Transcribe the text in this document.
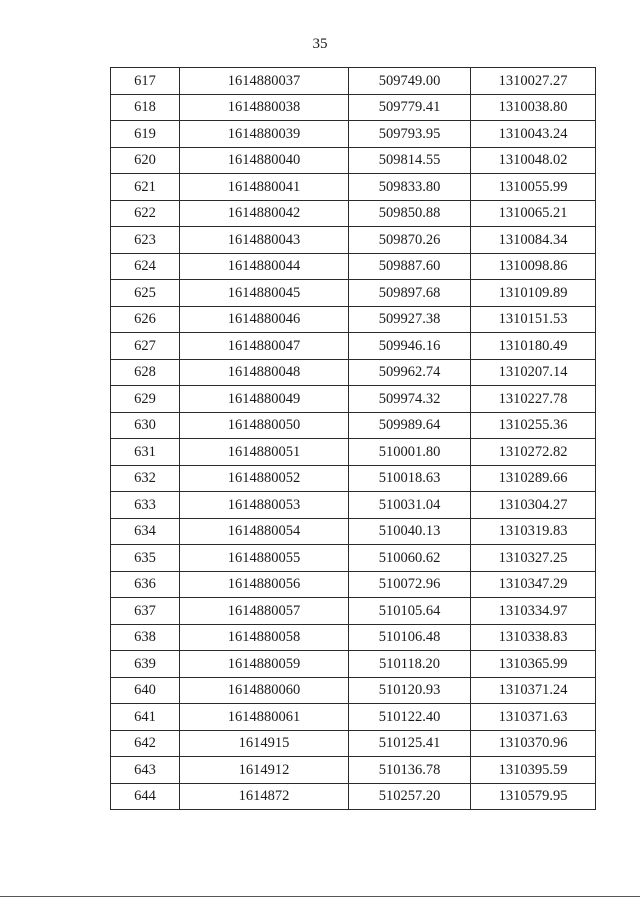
35
617	1614880037	509749.00	1310027.27
618	1614880038	509779.41	1310038.80
619	1614880039	509793.95	1310043.24
620	1614880040	509814.55	1310048.02
621	1614880041	509833.80	1310055.99
622	1614880042	509850.88	1310065.21
623	1614880043	509870.26	1310084.34
624	1614880044	509887.60	1310098.86
625	1614880045	509897.68	1310109.89
626	1614880046	509927.38	1310151.53
627	1614880047	509946.16	1310180.49
628	1614880048	509962.74	1310207.14
629	1614880049	509974.32	1310227.78
630	1614880050	509989.64	1310255.36
631	1614880051	510001.80	1310272.82
632	1614880052	510018.63	1310289.66
633	1614880053	510031.04	1310304.27
634	1614880054	510040.13	1310319.83
635	1614880055	510060.62	1310327.25
636	1614880056	510072.96	1310347.29
637	1614880057	510105.64	1310334.97
638	1614880058	510106.48	1310338.83
639	1614880059	510118.20	1310365.99
640	1614880060	510120.93	1310371.24
641	1614880061	510122.40	1310371.63
642	1614915	510125.41	1310370.96
643	1614912	510136.78	1310395.59
644	1614872	510257.20	1310579.95
